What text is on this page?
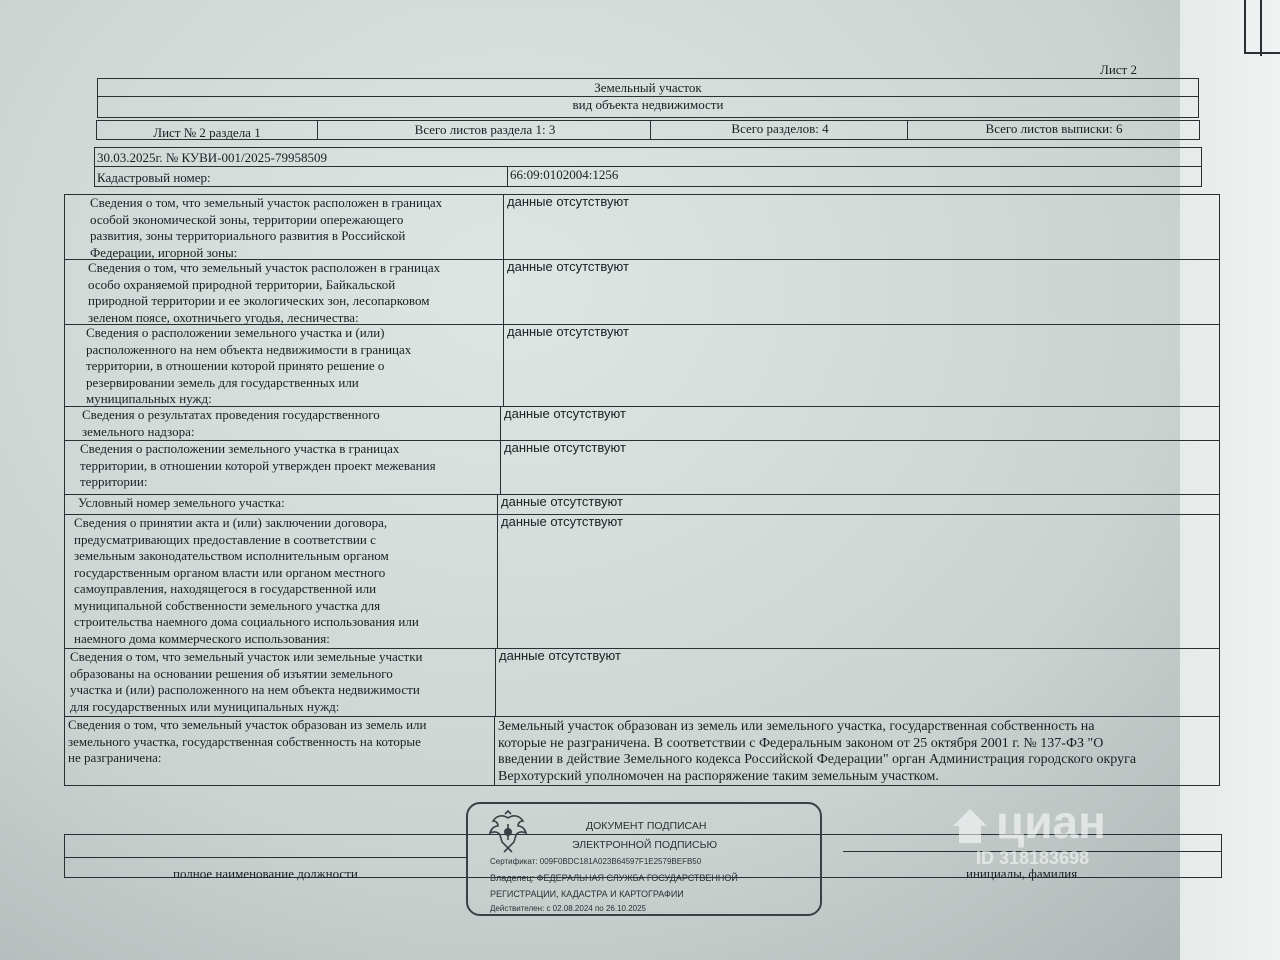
Лист 2
Земельный участок
вид объекта недвижимости
Лист № 2 раздела 1	Всего листов раздела 1: 3	Всего разделов: 4	Всего листов выписки: 6
30.03.2025г. № КУВИ-001/2025-79958509
Кадастровый номер:	66:09:0102004:1256
Сведения о том, что земельный участок расположен в границах
особой экономической зоны, территории опережающего
развития, зоны территориального развития в Российской
Федерации, игорной зоны:
данные отсутствуют
Сведения о том, что земельный участок расположен в границах
особо охраняемой природной территории, Байкальской
природной территории и ее экологических зон, лесопарковом
зеленом поясе, охотничьего угодья, лесничества:
данные отсутствуют
Сведения о расположении земельного участка и (или)
расположенного на нем объекта недвижимости в границах
территории, в отношении которой принято решение о
резервировании земель для государственных или
муниципальных нужд:
данные отсутствуют
Сведения о результатах проведения государственного
земельного надзора:
данные отсутствуют
Сведения о расположении земельного участка в границах
территории, в отношении которой утвержден проект межевания
территории:
данные отсутствуют
Условный номер земельного участка:	данные отсутствуют
Сведения о принятии акта и (или) заключении договора,
предусматривающих предоставление в соответствии с
земельным законодательством исполнительным органом
государственным органом власти или органом местного
самоуправления, находящегося в государственной или
муниципальной собственности земельного участка для
строительства наемного дома социального использования или
наемного дома коммерческого использования:
данные отсутствуют
Сведения о том, что земельный участок или земельные участки
образованы на основании решения об изъятии земельного
участка и (или) расположенного на нем объекта недвижимости
для государственных или муниципальных нужд:
данные отсутствуют
Сведения о том, что земельный участок образован из земель или
земельного участка, государственная собственность на которые
не разграничена:
Земельный участок образован из земель или земельного участка, государственная собственность на
которые не разграничена. В соответствии с Федеральным законом от 25 октября 2001 г. № 137-ФЗ "О
введении в действие Земельного кодекса Российской Федерации" орган Администрация городского округа
Верхотурский уполномочен на распоряжение таким земельным участком.
полное наименование должности	инициалы, фамилия
ДОКУМЕНТ ПОДПИСАН
ЭЛЕКТРОННОЙ ПОДПИСЬЮ
Сертификат: 009F0BDC181A023B64597F1E2579BEFB50
Владелец: ФЕДЕРАЛЬНАЯ СЛУЖБА ГОСУДАРСТВЕННОЙ
РЕГИСТРАЦИИ, КАДАСТРА И КАРТОГРАФИИ
Действителен: с 02.08.2024 по 26.10.2025
циан
ID 318183698
